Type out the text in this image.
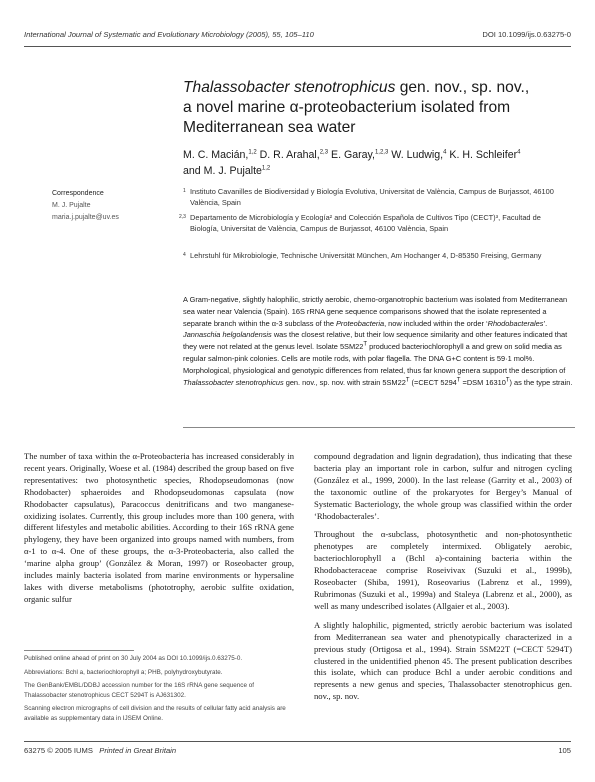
International Journal of Systematic and Evolutionary Microbiology (2005), 55, 105–110	DOI 10.1099/ijs.0.63275-0
Thalassobacter stenotrophicus gen. nov., sp. nov.,
a novel marine α-proteobacterium isolated from
Mediterranean sea water
M. C. Macián,$^{1,2}$ D. R. Arahal,$^{2,3}$ E. Garay,$^{1,2,3}$ W. Ludwig,$^4$ K. H. Schleifer$^4$
and M. J. Pujalte$^{1,2}$
Correspondence
M. J. Pujalte
maria.j.pujalte@uv.es
1 Instituto Cavanilles de Biodiversidad y Biología Evolutiva, Universitat de València, Campus de Burjassot, 46100 València, Spain
2,3 Departamento de Microbiología y Ecología² and Colección Española de Cultivos Tipo (CECT)³, Facultad de Biología, Universitat de València, Campus de Burjassot, 46100 València, Spain
4 Lehrstuhl für Mikrobiologie, Technische Universität München, Am Hochanger 4, D-85350 Freising, Germany
A Gram-negative, slightly halophilic, strictly aerobic, chemo-organotrophic bacterium was isolated from Mediterranean sea water near Valencia (Spain). 16S rRNA gene sequence comparisons showed that the isolate represented a separate branch within the α-3 subclass of the Proteobacteria, now included within the order ‘Rhodobacterales’. Jannaschia helgolandensis was the closest relative, but their low sequence similarity and other features indicated that they were not related at the genus level. Isolate $5SM22^T$ produced bacteriochlorophyll a and grew on solid media as regular salmon-pink colonies. Cells are motile rods, with polar flagella. The DNA G+C content is 59·1 mol%. Morphological, physiological and genotypic differences from related, thus far known genera support the description of Thalassobacter stenotrophicus gen. nov., sp. nov. with strain $5SM22^T$ (=CECT $5294^T =DSM$ $16310^T$) as the type strain.

The number of taxa within the α-Proteobacteria has increased considerably in recent years. Originally, Woese et al. (1984) described the group based on five representatives: two photosynthetic species, Rhodopseudomonas (now Rhodobacter) sphaeroides and Rhodopseudomonas capsulata (now Rhodobacter capsulatus), Paracoccus denitrificans and two manganese-oxidizing isolates. Currently, this group includes more than 100 genera, with different lifestyles and metabolic abilities. According to their 16S rRNA gene phylogeny, they have been organized into groups named with numbers, from α-1 to α-4. One of these groups, the α-3-Proteobacteria, also called the ‘marine alpha group’ (González & Moran, 1997) or Roseobacter group, includes mainly bacteria isolated from marine environments or hypersaline lakes with diverse metabolisms (phototrophy, aerobic sulfite oxidation, organic sulfur

compound degradation and lignin degradation), thus indicating that these bacteria play an important role in carbon, sulfur and nitrogen cycling (González et al., 1999, 2000). In the last release (Garrity et al., 2003) of the taxonomic outline of the prokaryotes for Bergey’s Manual of Systematic Bacteriology, the whole group was classified within the order ‘Rhodobacterales’.

Throughout the α-subclass, photosynthetic and non-photosynthetic phenotypes are completely intermixed. Obligately aerobic, bacteriochlorophyll a (Bchl a)-containing bacteria within the Rhodobacteraceae comprise Roseivivax (Suzuki et al., 1999b), Roseobacter (Shiba, 1991), Roseovarius (Labrenz et al., 1999), Rubrimonas (Suzuki et al., 1999a) and Staleya (Labrenz et al., 2000), as well as many undescribed isolates (Allgaier et al., 2003).

A slightly halophilic, pigmented, strictly aerobic bacterium was isolated from Mediterranean sea water and phenotypically characterized in a previous study (Ortigosa et al., 1994). Strain 5SM22T (=CECT 5294T) clustered in the unidentified phenon 45. The present publication describes this isolate, which can produce Bchl a under aerobic conditions and represents a new genus and species, Thalassobacter stenotrophicus gen. nov., sp. nov.

Published online ahead of print on 30 July 2004 as DOI 10.1099/ijs.0.63275-0.

Abbreviations: Bchl a, bacteriochlorophyll a; PHB, polyhydroxybutyrate.

The GenBank/EMBL/DDBJ accession number for the 16S rRNA gene sequence of Thalassobacter stenotrophicus CECT 5294T is AJ631302.

Scanning electron micrographs of cell division and the results of cellular fatty acid analysis are available as supplementary data in IJSEM Online.

63275 © 2005 IUMS Printed in Great Britain	105
